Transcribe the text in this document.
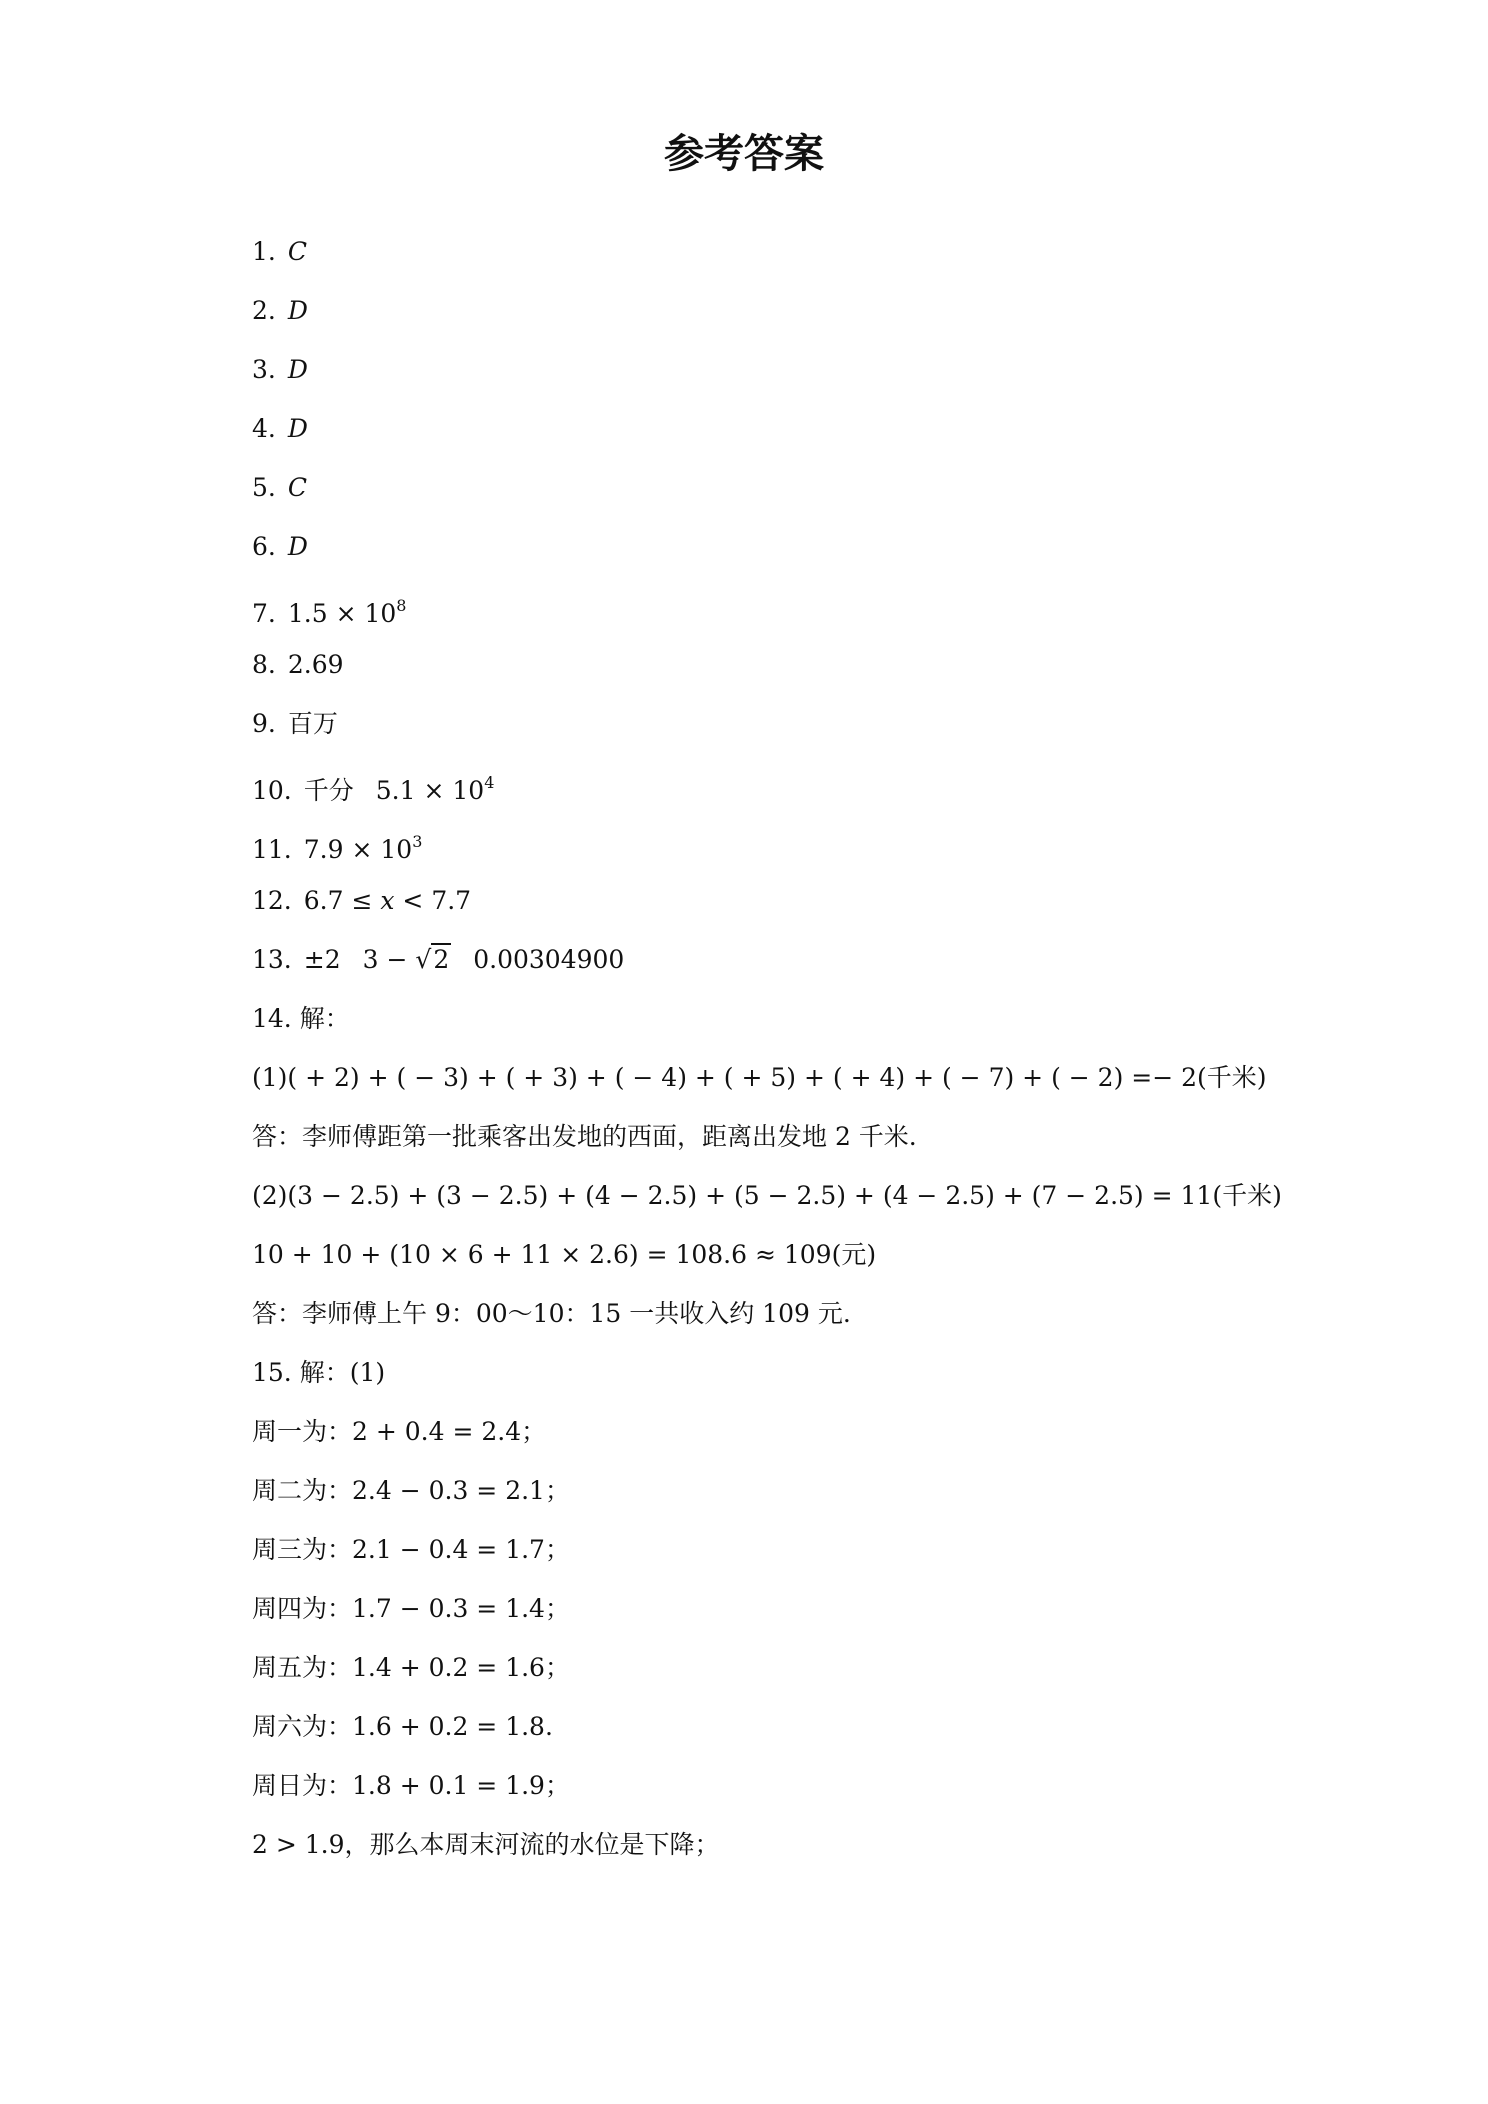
参考答案
1. C
2. D
3. D
4. D
5. C
6. D
7. $1.5 \times 10^8$
8. 2.69
9. 百万
10. 千分 $5.1 \times 10^4$
11. $7.9 \times 10^3$
12. 6.7 ≤ x < 7.7
13. ±2 3 − √2 0.00304900
14. 解：
(1)( + 2) + ( − 3) + ( + 3) + ( − 4) + ( + 5) + ( + 4) + ( − 7) + ( − 2) =− 2(千米)
答：李师傅距第一批乘客出发地的西面，距离出发地 2 千米.
(2)(3 − 2.5) + (3 − 2.5) + (4 − 2.5) + (5 − 2.5) + (4 − 2.5) + (7 − 2.5) = 11(千米)
10 + 10 + (10 × 6 + 11 × 2.6) = 108.6 ≈ 109(元)
答：李师傅上午 9：00～10：15 一共收入约 109 元.
15. 解：(1)
周一为：2 + 0.4 = 2.4；
周二为：2.4 − 0.3 = 2.1；
周三为：2.1 − 0.4 = 1.7；
周四为：1.7 − 0.3 = 1.4；
周五为：1.4 + 0.2 = 1.6；
周六为：1.6 + 0.2 = 1.8.
周日为：1.8 + 0.1 = 1.9；
2 > 1.9，那么本周末河流的水位是下降；
